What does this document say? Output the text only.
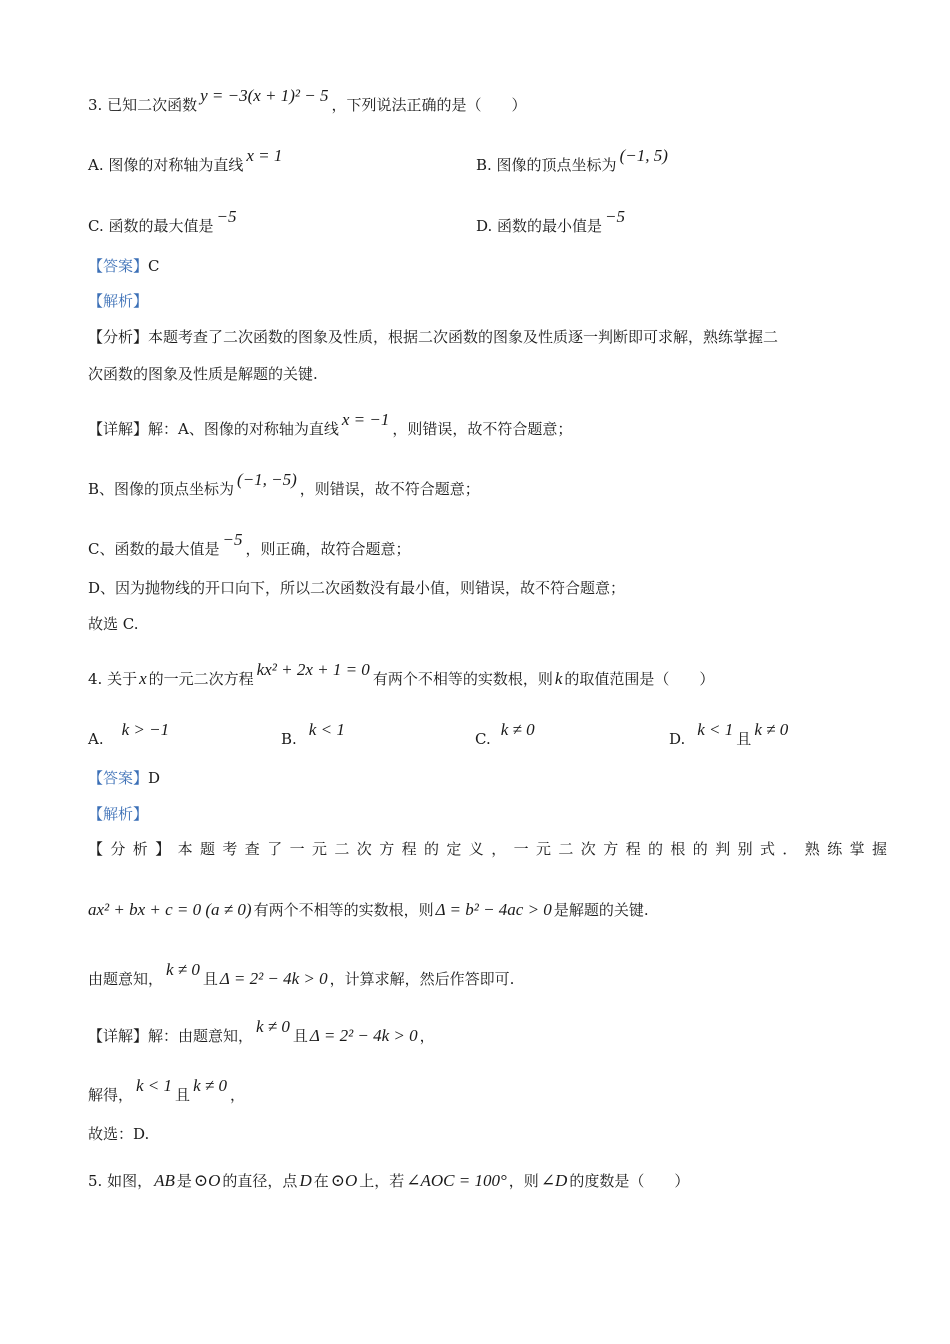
3. 已知二次函数 y = −3(x + 1)² − 5 ，下列说法正确的是（　　）
A. 图像的对称轴为直线 x = 1	B. 图像的顶点坐标为 (−1, 5)
C. 函数的最大值是 −5	D. 函数的最小值是 −5
【答案】C
【解析】
【分析】本题考查了二次函数的图象及性质，根据二次函数的图象及性质逐一判断即可求解，熟练掌握二
次函数的图象及性质是解题的关键.
【详解】解：A、图像的对称轴为直线 x = −1 ，则错误，故不符合题意；
B、图像的顶点坐标为 (−1, −5) ，则错误，故不符合题意；
C、函数的最大值是 −5 ，则正确，故符合题意；
D、因为抛物线的开口向下，所以二次函数没有最小值，则错误，故不符合题意；
故选 C.
4. 关于 x 的一元二次方程 kx² + 2x + 1 = 0 有两个不相等的实数根，则 k 的取值范围是（　　）
A. k > −1	B. k < 1	C. k ≠ 0	D. k < 1 且 k ≠ 0
【答案】D
【解析】
【分析】本题考查了一元二次方程的定义，一元二次方程的根的判别式．熟练掌握
ax² + bx + c = 0 (a ≠ 0) 有两个不相等的实数根，则 Δ = b² − 4ac > 0 是解题的关键.
由题意知， k ≠ 0 且 Δ = 2² − 4k > 0 ，计算求解，然后作答即可.
【详解】解：由题意知， k ≠ 0 且 Δ = 2² − 4k > 0 ，
解得， k < 1 且 k ≠ 0 ，
故选：D.
5. 如图， AB 是 ⊙O 的直径，点 D 在 ⊙O 上，若 ∠AOC = 100° ，则 ∠D 的度数是（　　）
